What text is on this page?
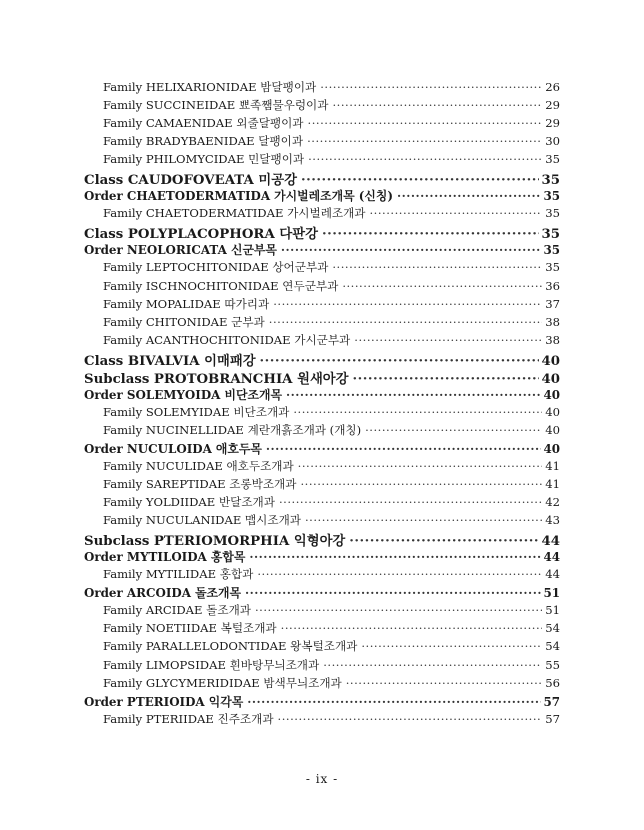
Family HELIXARIONIDAE 밤달팽이과 ·····	26
Family SUCCINEIDAE 뾰족쨈물우렁이과 ·····	29
Family CAMAENIDAE 외줄달팽이과 ·····	29
Family BRADYBAENIDAE 달팽이과 ·····	30
Family PHILOMYCIDAE 민달팽이과 ·····	35
Class CAUDOFOVEATA 미공강 ·····	35
Order CHAETODERMATIDA 가시벌레조개목 (신칭) ·····	35
Family CHAETODERMATIDAE 가시벌레조개과 ·····	35
Class POLYPLACOPHORA 다판강 ·····	35
Order NEOLORICATA 신군부목 ·····	35
Family LEPTOCHITONIDAE 상어군부과 ·····	35
Family ISCHNOCHITONIDAE 연두군부과 ·····	36
Family MOPALIDAE 따가리과 ·····	37
Family CHITONIDAE 군부과 ·····	38
Family ACANTHOCHITONIDAE 가시군부과 ·····	38
Class BIVALVIA 이매패강 ·····	40
Subclass PROTOBRANCHIA 원새아강 ·····	40
Order SOLEMYOIDA 비단조개목 ·····	40
Family SOLEMYIDAE 비단조개과 ·····	40
Family NUCINELLIDAE 계란개흙조개과 (개칭) ·····	40
Order NUCULOIDA 애호두목 ·····	40
Family NUCULIDAE 애호두조개과 ·····	41
Family SAREPTIDAE 조롱박조개과 ·····	41
Family YOLDIIDAE 반달조개과 ·····	42
Family NUCULANIDAE 맵시조개과 ·····	43
Subclass PTERIOMORPHIA 익형아강 ·····	44
Order MYTILOIDA 홍합목 ·····	44
Family MYTILIDAE 홍합과 ·····	44
Order ARCOIDA 돌조개목 ·····	51
Family ARCIDAE 돌조개과 ·····	51
Family NOETIIDAE 복털조개과 ·····	54
Family PARALLELODONTIDAE 왕복털조개과 ·····	54
Family LIMOPSIDAE 흰바탕무늬조개과 ·····	55
Family GLYCYMERIDIDAE 밤색무늬조개과 ·····	56
Order PTERIOIDA 익각목 ·····	57
Family PTERIIDAE 진주조개과 ·····	57
- ix -
